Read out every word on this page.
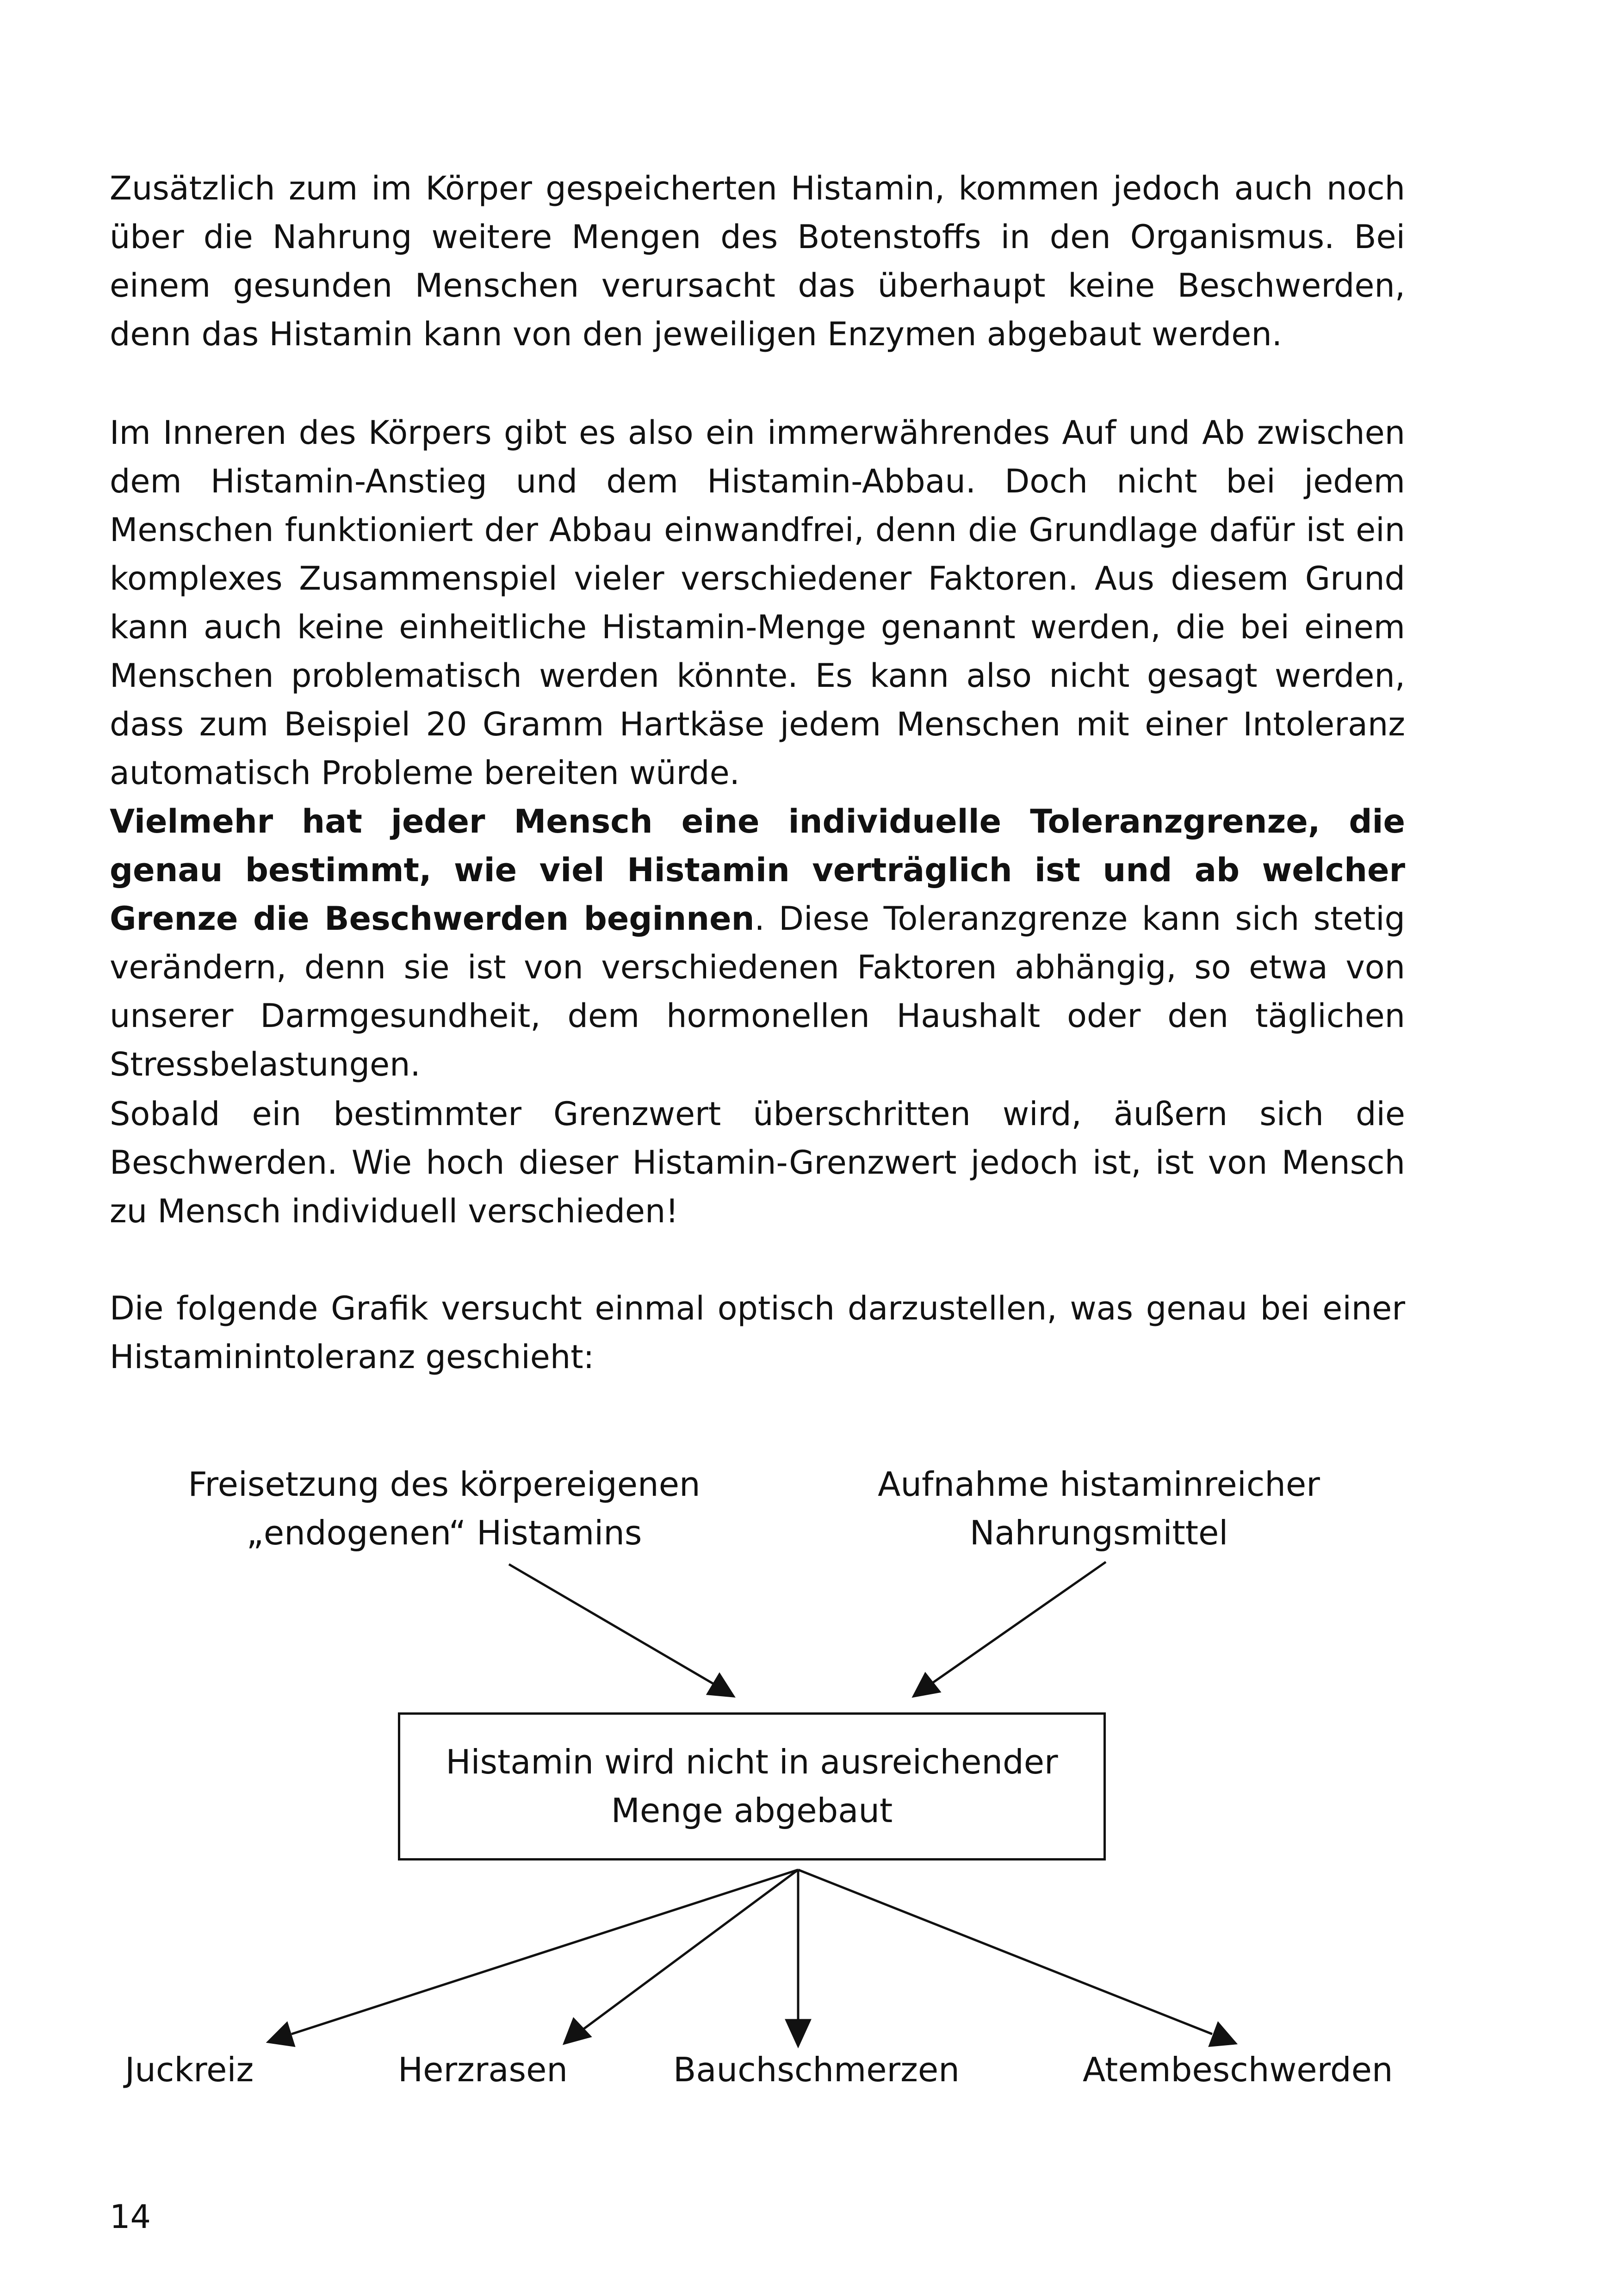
Zusätzlich zum im Körper gespeicherten Histamin, kommen jedoch auch noch über die Nahrung weitere Mengen des Botenstoffs in den Organismus. Bei einem gesunden Menschen verursacht das überhaupt keine Beschwerden, denn das Histamin kann von den jeweiligen Enzymen abgebaut werden.

Im Inneren des Körpers gibt es also ein immerwährendes Auf und Ab zwischen dem Histamin-Anstieg und dem Histamin-Abbau. Doch nicht bei jedem Menschen funktioniert der Abbau einwandfrei, denn die Grundlage dafür ist ein komplexes Zusammenspiel vieler verschiedener Faktoren. Aus diesem Grund kann auch keine einheitliche Histamin-Menge genannt werden, die bei einem Menschen problematisch werden könnte. Es kann also nicht gesagt werden, dass zum Beispiel 20 Gramm Hartkäse jedem Menschen mit einer Intoleranz automatisch Probleme bereiten würde.
Vielmehr hat jeder Mensch eine individuelle Toleranzgrenze, die genau bestimmt, wie viel Histamin verträglich ist und ab welcher Grenze die Beschwerden beginnen. Diese Toleranzgrenze kann sich stetig verändern, denn sie ist von verschiedenen Faktoren abhängig, so etwa von unserer Darmgesundheit, dem hormonellen Haushalt oder den täglichen Stressbelastungen.

Sobald ein bestimmter Grenzwert überschritten wird, äußern sich die Beschwerden. Wie hoch dieser Histamin-Grenzwert jedoch ist, ist von Mensch zu Mensch individuell verschieden!

Die folgende Grafik versucht einmal optisch darzustellen, was genau bei einer Histaminintoleranz geschieht:

Freisetzung des körpereigenen
„endogenen“ Histamins
Aufnahme histaminreicher
Nahrungsmittel
Histamin wird nicht in ausreichender
Menge abgebaut
Juckreiz	Herzrasen	Bauchschmerzen	Atembeschwerden
14
